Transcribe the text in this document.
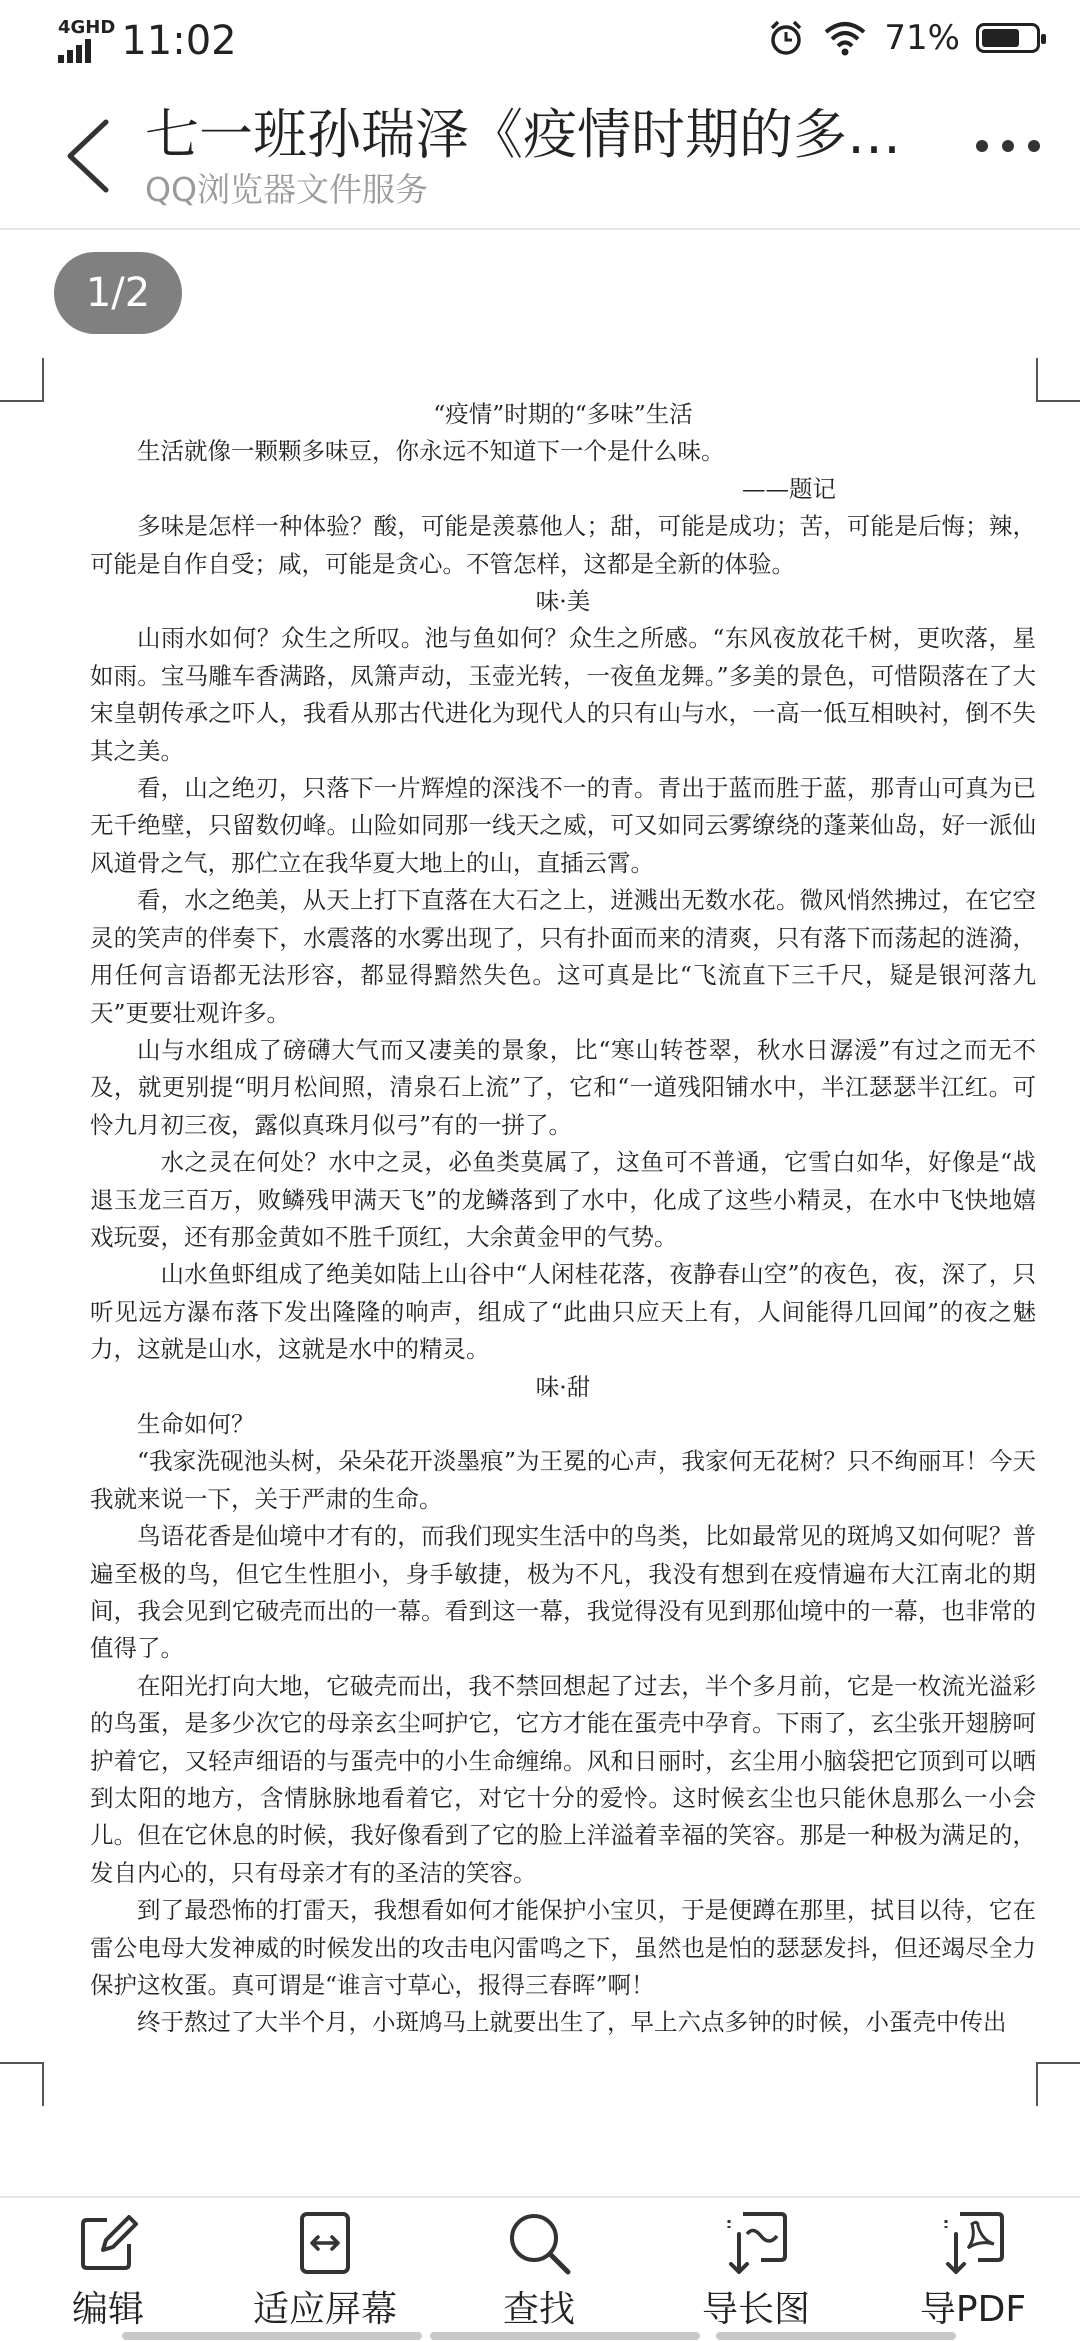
4GHD 11:02	71%
七一班孙瑞泽《疫情时期的多…
QQ浏览器文件服务
1/2

“疫情”时期的“多味”生活

生活就像一颗颗多味豆，你永远不知道下一个是什么味。

——题记

多味是怎样一种体验？酸，可能是羡慕他人；甜，可能是成功；苦，可能是后悔；辣，可能是自作自受；咸，可能是贪心。不管怎样，这都是全新的体验。

味·美

山雨水如何？众生之所叹。池与鱼如何？众生之所感。“东风夜放花千树，更吹落，星如雨。宝马雕车香满路，凤箫声动，玉壶光转，一夜鱼龙舞。”多美的景色，可惜陨落在了大宋皇朝传承之吓人，我看从那古代进化为现代人的只有山与水，一高一低互相映衬，倒不失其之美。

看，山之绝刃，只落下一片辉煌的深浅不一的青。青出于蓝而胜于蓝，那青山可真为已无千绝壁，只留数仞峰。山险如同那一线天之威，可又如同云雾缭绕的蓬莱仙岛，好一派仙风道骨之气，那伫立在我华夏大地上的山，直插云霄。

看，水之绝美，从天上打下直落在大石之上，迸溅出无数水花。微风悄然拂过，在它空灵的笑声的伴奏下，水震落的水雾出现了，只有扑面而来的清爽，只有落下而荡起的涟漪，用任何言语都无法形容，都显得黯然失色。这可真是比“飞流直下三千尺，疑是银河落九天”更要壮观许多。

山与水组成了磅礴大气而又凄美的景象，比“寒山转苍翠，秋水日潺湲”有过之而无不及，就更别提“明月松间照，清泉石上流”了，它和“一道残阳铺水中，半江瑟瑟半江红。可怜九月初三夜，露似真珠月似弓”有的一拼了。

水之灵在何处？水中之灵，必鱼类莫属了，这鱼可不普通，它雪白如华，好像是“战退玉龙三百万，败鳞残甲满天飞”的龙鳞落到了水中，化成了这些小精灵，在水中飞快地嬉戏玩耍，还有那金黄如不胜千顶红，大余黄金甲的气势。

山水鱼虾组成了绝美如陆上山谷中“人闲桂花落，夜静春山空”的夜色，夜，深了，只听见远方瀑布落下发出隆隆的响声，组成了“此曲只应天上有，人间能得几回闻”的夜之魅力，这就是山水，这就是水中的精灵。

味·甜

生命如何？

“我家洗砚池头树，朵朵花开淡墨痕”为王冕的心声，我家何无花树？只不绚丽耳！今天我就来说一下，关于严肃的生命。

鸟语花香是仙境中才有的，而我们现实生活中的鸟类，比如最常见的斑鸠又如何呢？普遍至极的鸟，但它生性胆小，身手敏捷，极为不凡，我没有想到在疫情遍布大江南北的期间，我会见到它破壳而出的一幕。看到这一幕，我觉得没有见到那仙境中的一幕，也非常的值得了。

在阳光打向大地，它破壳而出，我不禁回想起了过去，半个多月前，它是一枚流光溢彩的鸟蛋，是多少次它的母亲玄尘呵护它，它方才能在蛋壳中孕育。下雨了，玄尘张开翅膀呵护着它，又轻声细语的与蛋壳中的小生命缠绵。风和日丽时，玄尘用小脑袋把它顶到可以晒到太阳的地方，含情脉脉地看着它，对它十分的爱怜。这时候玄尘也只能休息那么一小会儿。但在它休息的时候，我好像看到了它的脸上洋溢着幸福的笑容。那是一种极为满足的，发自内心的，只有母亲才有的圣洁的笑容。

到了最恐怖的打雷天，我想看如何才能保护小宝贝，于是便蹲在那里，拭目以待，它在雷公电母大发神威的时候发出的攻击电闪雷鸣之下，虽然也是怕的瑟瑟发抖，但还竭尽全力保护这枚蛋。真可谓是“谁言寸草心，报得三春晖”啊！

终于熬过了大半个月，小斑鸠马上就要出生了，早上六点多钟的时候，小蛋壳中传出

编辑	适应屏幕	查找	导长图	导PDF
